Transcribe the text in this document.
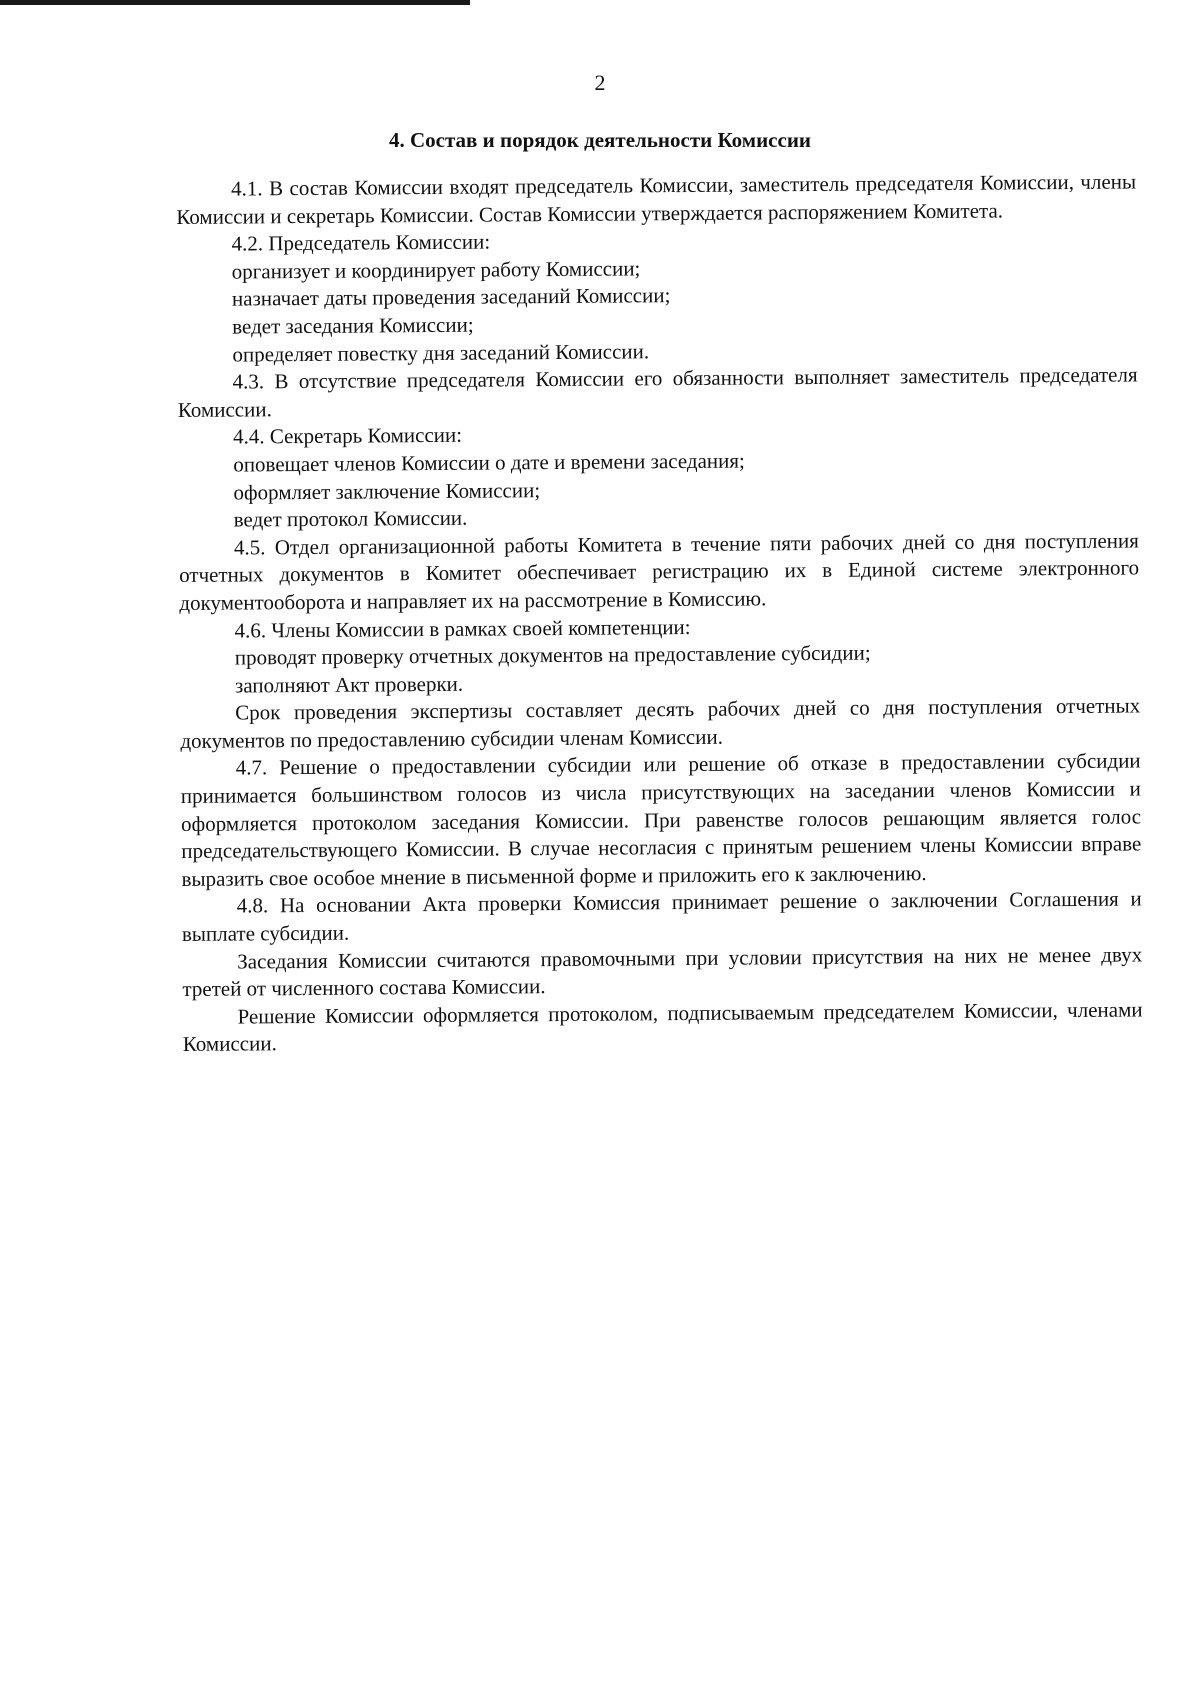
2
4. Состав и порядок деятельности Комиссии

4.1. В состав Комиссии входят председатель Комиссии, заместитель председателя Комиссии, члены Комиссии и секретарь Комиссии. Состав Комиссии утверждается распоряжением Комитета.

4.2. Председатель Комиссии:

организует и координирует работу Комиссии;

назначает даты проведения заседаний Комиссии;

ведет заседания Комиссии;

определяет повестку дня заседаний Комиссии.

4.3. В отсутствие председателя Комиссии его обязанности выполняет заместитель председателя Комиссии.

4.4. Секретарь Комиссии:

оповещает членов Комиссии о дате и времени заседания;

оформляет заключение Комиссии;

ведет протокол Комиссии.

4.5. Отдел организационной работы Комитета в течение пяти рабочих дней со дня поступления отчетных документов в Комитет обеспечивает регистрацию их в Единой системе электронного документооборота и направляет их на рассмотрение в Комиссию.

4.6. Члены Комиссии в рамках своей компетенции:

проводят проверку отчетных документов на предоставление субсидии;

заполняют Акт проверки.

Срок проведения экспертизы составляет десять рабочих дней со дня поступления отчетных документов по предоставлению субсидии членам Комиссии.

4.7. Решение о предоставлении субсидии или решение об отказе в предоставлении субсидии принимается большинством голосов из числа присутствующих на заседании членов Комиссии и оформляется протоколом заседания Комиссии. При равенстве голосов решающим является голос председательствующего Комиссии. В случае несогласия с принятым решением члены Комиссии вправе выразить свое особое мнение в письменной форме и приложить его к заключению.

4.8. На основании Акта проверки Комиссия принимает решение о заключении Соглашения и выплате субсидии.

Заседания Комиссии считаются правомочными при условии присутствия на них не менее двух третей от численного состава Комиссии.

Решение Комиссии оформляется протоколом, подписываемым председателем Комиссии, членами Комиссии.
